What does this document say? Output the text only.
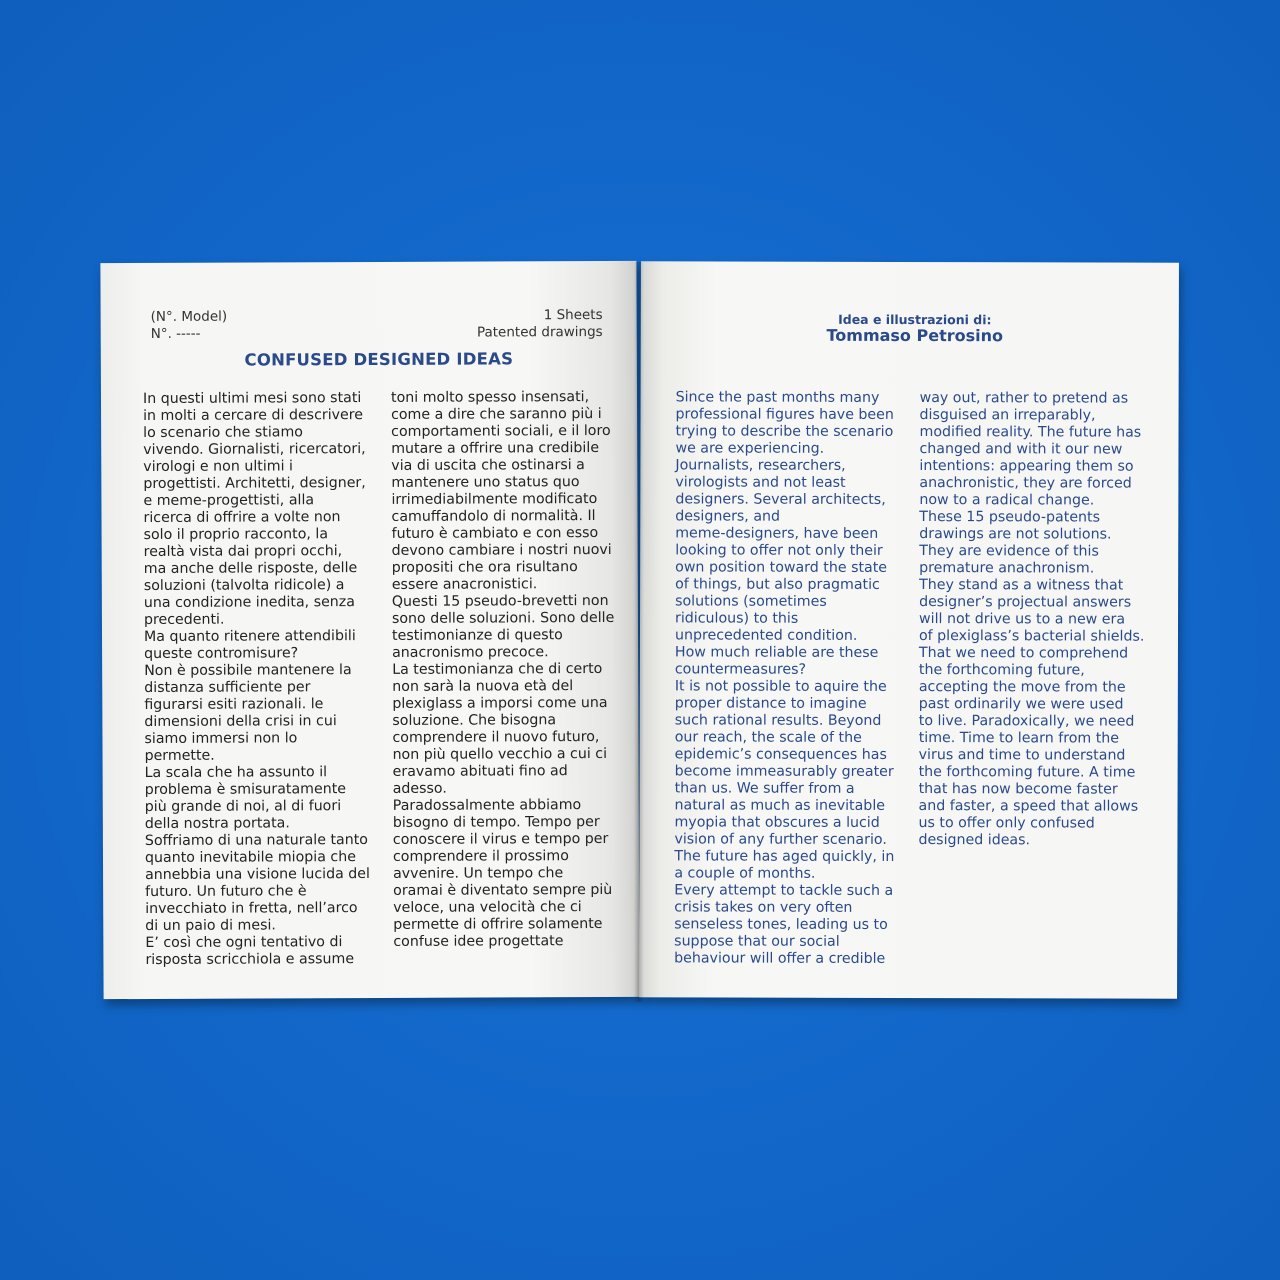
(N°. Model)
N°. -----
1 Sheets
Patented drawings
CONFUSED DESIGNED IDEAS
In questi ultimi mesi sono stati
in molti a cercare di descrivere
lo scenario che stiamo
vivendo. Giornalisti, ricercatori,
virologi e non ultimi i
progettisti. Architetti, designer,
e meme-progettisti, alla
ricerca di offrire a volte non
solo il proprio racconto, la
realtà vista dai propri occhi,
ma anche delle risposte, delle
soluzioni (talvolta ridicole) a
una condizione inedita, senza
precedenti.
Ma quanto ritenere attendibili
queste contromisure?
Non è possibile mantenere la
distanza sufficiente per
figurarsi esiti razionali. le
dimensioni della crisi in cui
siamo immersi non lo
permette.
La scala che ha assunto il
problema è smisuratamente
più grande di noi, al di fuori
della nostra portata.
Soffriamo di una naturale tanto
quanto inevitabile miopia che
annebbia una visione lucida del
futuro. Un futuro che è
invecchiato in fretta, nell’arco
di un paio di mesi.
E’ così che ogni tentativo di
risposta scricchiola e assume
toni molto spesso insensati,
come a dire che saranno più i
comportamenti sociali, e il loro
mutare a offrire una credibile
via di uscita che ostinarsi a
mantenere uno status quo
irrimediabilmente modificato
camuffandolo di normalità. Il
futuro è cambiato e con esso
devono cambiare i nostri nuovi
propositi che ora risultano
essere anacronistici.
Questi 15 pseudo-brevetti non
sono delle soluzioni. Sono delle
testimonianze di questo
anacronismo precoce.
La testimonianza che di certo
non sarà la nuova età del
plexiglass a imporsi come una
soluzione. Che bisogna
comprendere il nuovo futuro,
non più quello vecchio a cui ci
eravamo abituati fino ad
adesso.
Paradossalmente abbiamo
bisogno di tempo. Tempo per
conoscere il virus e tempo per
comprendere il prossimo
avvenire. Un tempo che
oramai è diventato sempre più
veloce, una velocità che ci
permette di offrire solamente
confuse idee progettate
Idea e illustrazioni di:
Tommaso Petrosino
Since the past months many
professional figures have been
trying to describe the scenario
we are experiencing.
Journalists, researchers,
virologists and not least
designers. Several architects,
designers, and
meme-designers, have been
looking to offer not only their
own position toward the state
of things, but also pragmatic
solutions (sometimes
ridiculous) to this
unprecedented condition.
How much reliable are these
countermeasures?
It is not possible to aquire the
proper distance to imagine
such rational results. Beyond
our reach, the scale of the
epidemic’s consequences has
become immeasurably greater
than us. We suffer from a
natural as much as inevitable
myopia that obscures a lucid
vision of any further scenario.
The future has aged quickly, in
a couple of months.
Every attempt to tackle such a
crisis takes on very often
senseless tones, leading us to
suppose that our social
behaviour will offer a credible
way out, rather to pretend as
disguised an irreparably,
modified reality. The future has
changed and with it our new
intentions: appearing them so
anachronistic, they are forced
now to a radical change.
These 15 pseudo-patents
drawings are not solutions.
They are evidence of this
premature anachronism.
They stand as a witness that
designer’s projectual answers
will not drive us to a new era
of plexiglass’s bacterial shields.
That we need to comprehend
the forthcoming future,
accepting the move from the
past ordinarily we were used
to live. Paradoxically, we need
time. Time to learn from the
virus and time to understand
the forthcoming future. A time
that has now become faster
and faster, a speed that allows
us to offer only confused
designed ideas.
